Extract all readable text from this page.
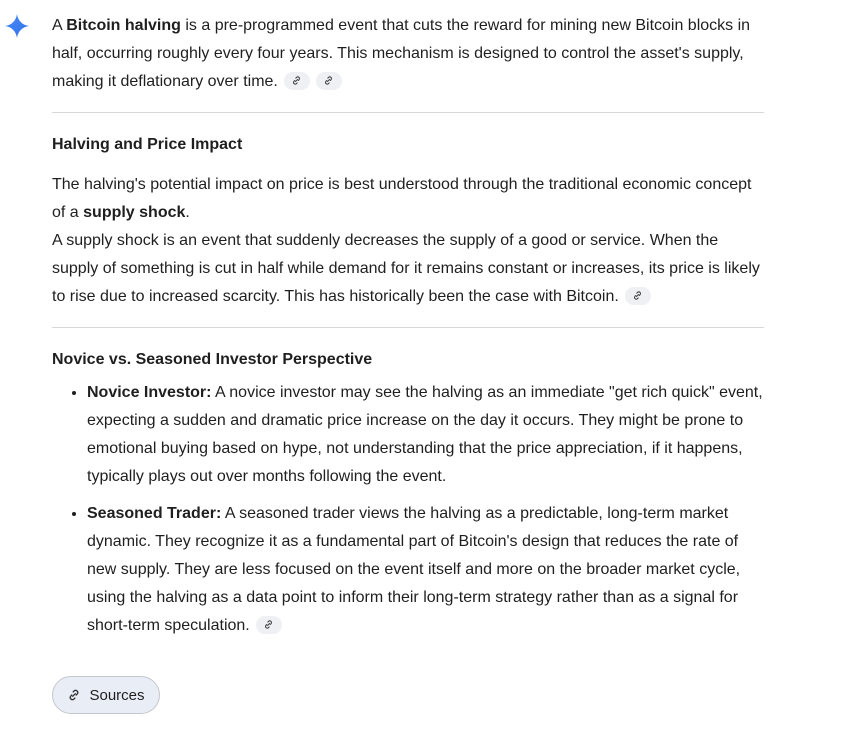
A Bitcoin halving is a pre-programmed event that cuts the reward for mining new Bitcoin blocks in half, occurring roughly every four years. This mechanism is designed to control the asset's supply, making it deflationary over time.

Halving and Price Impact

The halving's potential impact on price is best understood through the traditional economic concept of a supply shock.

A supply shock is an event that suddenly decreases the supply of a good or service. When the supply of something is cut in half while demand for it remains constant or increases, its price is likely to rise due to increased scarcity. This has historically been the case with Bitcoin.

Novice vs. Seasoned Investor Perspective
• Novice Investor: A novice investor may see the halving as an immediate "get rich quick" event, expecting a sudden and dramatic price increase on the day it occurs. They might be prone to emotional buying based on hype, not understanding that the price appreciation, if it happens, typically plays out over months following the event.
• Seasoned Trader: A seasoned trader views the halving as a predictable, long-term market dynamic. They recognize it as a fundamental part of Bitcoin's design that reduces the rate of new supply. They are less focused on the event itself and more on the broader market cycle, using the halving as a data point to inform their long-term strategy rather than as a signal for short-term speculation.
Sources
